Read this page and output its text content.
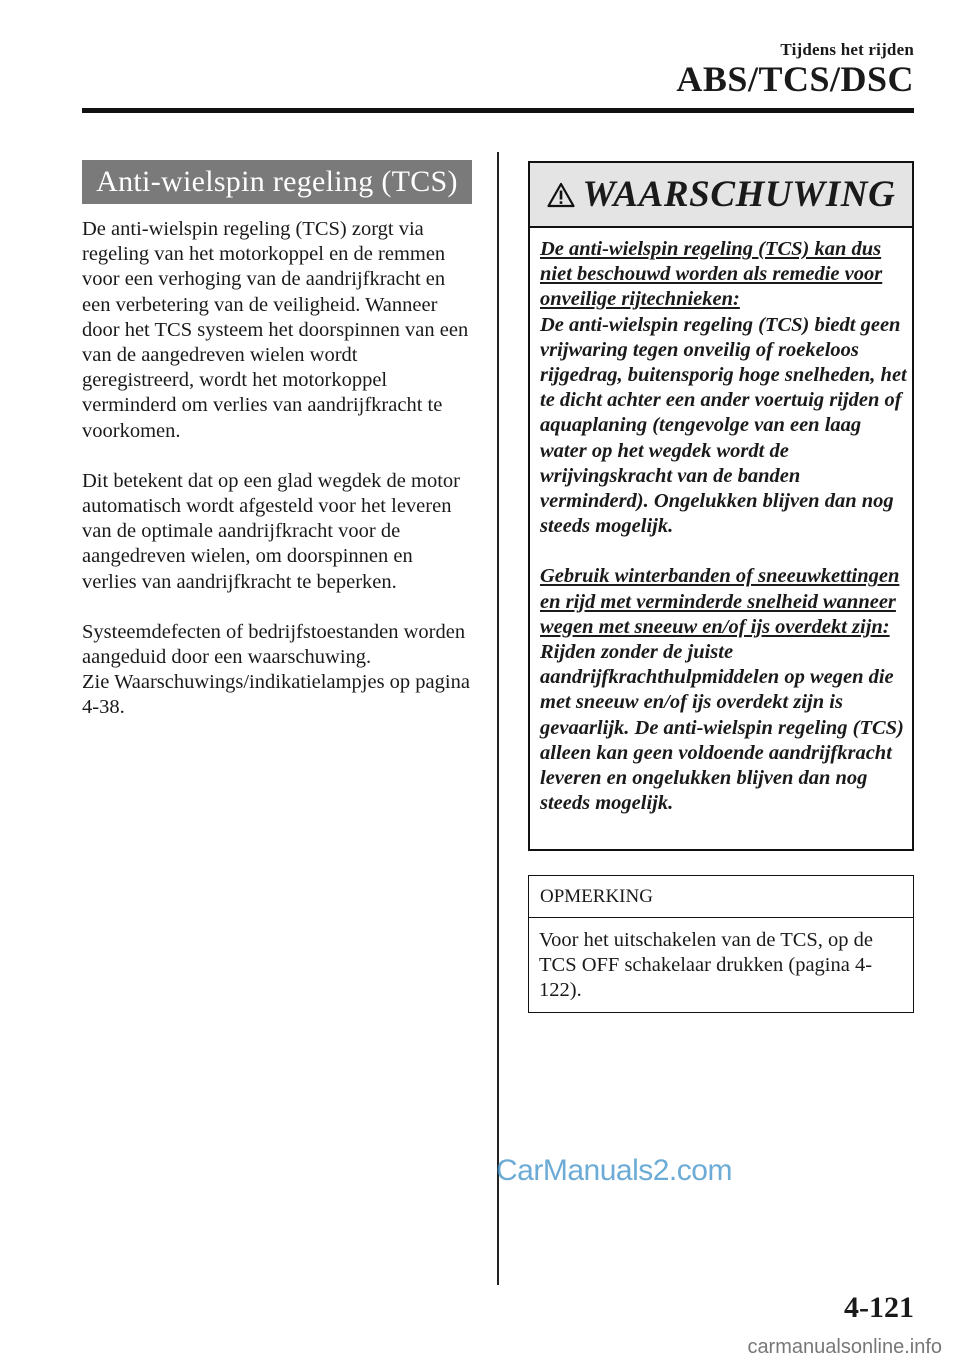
Tijdens het rijden
ABS/TCS/DSC
Anti-wielspin regeling (TCS)

De anti-wielspin regeling (TCS) zorgt via regeling van het motorkoppel en de remmen voor een verhoging van de aandrijfkracht en een verbetering van de veiligheid. Wanneer door het TCS systeem het doorspinnen van een van de aangedreven wielen wordt geregistreerd, wordt het motorkoppel verminderd om verlies van aandrijfkracht te voorkomen.

Dit betekent dat op een glad wegdek de motor automatisch wordt afgesteld voor het leveren van de optimale aandrijfkracht voor de aangedreven wielen, om doorspinnen en verlies van aandrijfkracht te beperken.

Systeemdefecten of bedrijfstoestanden worden aangeduid door een waarschuwing.

Zie Waarschuwings/indikatielampjes op pagina 4-38.

WAARSCHUWING

De anti-wielspin regeling (TCS) kan dus niet beschouwd worden als remedie voor onveilige rijtechnieken:

De anti-wielspin regeling (TCS) biedt geen vrijwaring tegen onveilig of roekeloos rijgedrag, buitensporig hoge snelheden, het te dicht achter een ander voertuig rijden of aquaplaning (tengevolge van een laag water op het wegdek wordt de wrijvingskracht van de banden verminderd). Ongelukken blijven dan nog steeds mogelijk.

Gebruik winterbanden of sneeuwkettingen en rijd met verminderde snelheid wanneer wegen met sneeuw en/of ijs overdekt zijn:

Rijden zonder de juiste aandrijfkrachthulpmiddelen op wegen die met sneeuw en/of ijs overdekt zijn is gevaarlijk. De anti-wielspin regeling (TCS) alleen kan geen voldoende aandrijfkracht leveren en ongelukken blijven dan nog steeds mogelijk.

OPMERKING
Voor het uitschakelen van de TCS, op de TCS OFF schakelaar drukken (pagina 4-122).
CarManuals2.com
4-121
carmanualsonline.info
